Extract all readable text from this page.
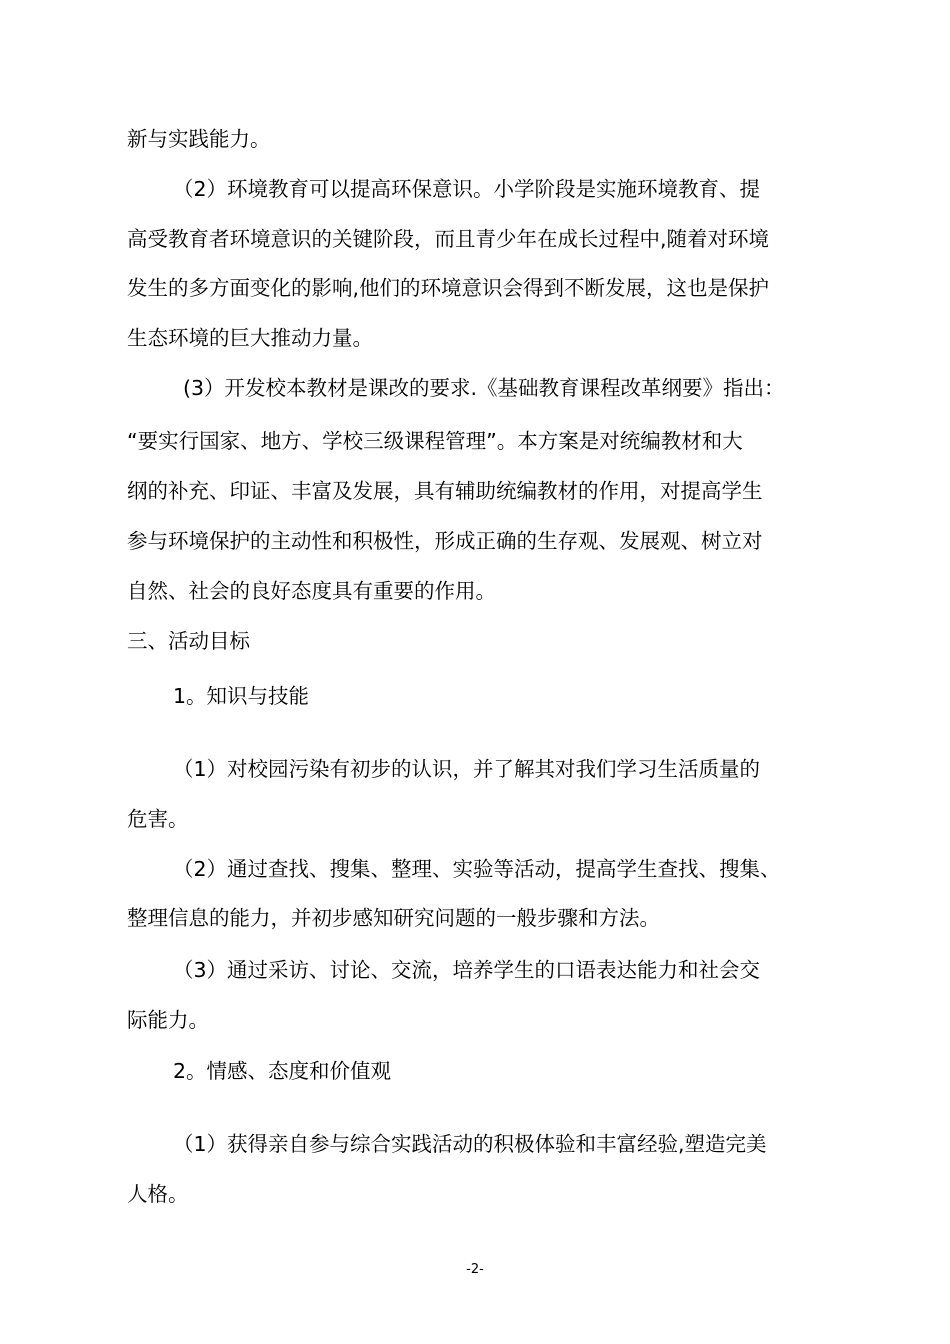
新与实践能力。
（2）环境教育可以提高环保意识。小学阶段是实施环境教育、提
高受教育者环境意识的关键阶段，而且青少年在成长过程中,随着对环境
发生的多方面变化的影响,他们的环境意识会得到不断发展，这也是保护
生态环境的巨大推动力量。
(3）开发校本教材是课改的要求.《基础教育课程改革纲要》指出：
“要实行国家、地方、学校三级课程管理”。本方案是对统编教材和大
纲的补充、印证、丰富及发展，具有辅助统编教材的作用，对提高学生
参与环境保护的主动性和积极性，形成正确的生存观、发展观、树立对
自然、社会的良好态度具有重要的作用。
三、活动目标
1。知识与技能
（1）对校园污染有初步的认识，并了解其对我们学习生活质量的
危害。
（2）通过查找、搜集、整理、实验等活动，提高学生查找、搜集、
整理信息的能力，并初步感知研究问题的一般步骤和方法。
（3）通过采访、讨论、交流，培养学生的口语表达能力和社会交
际能力。
2。情感、态度和价值观
（1）获得亲自参与综合实践活动的积极体验和丰富经验,塑造完美
人格。
-2-
